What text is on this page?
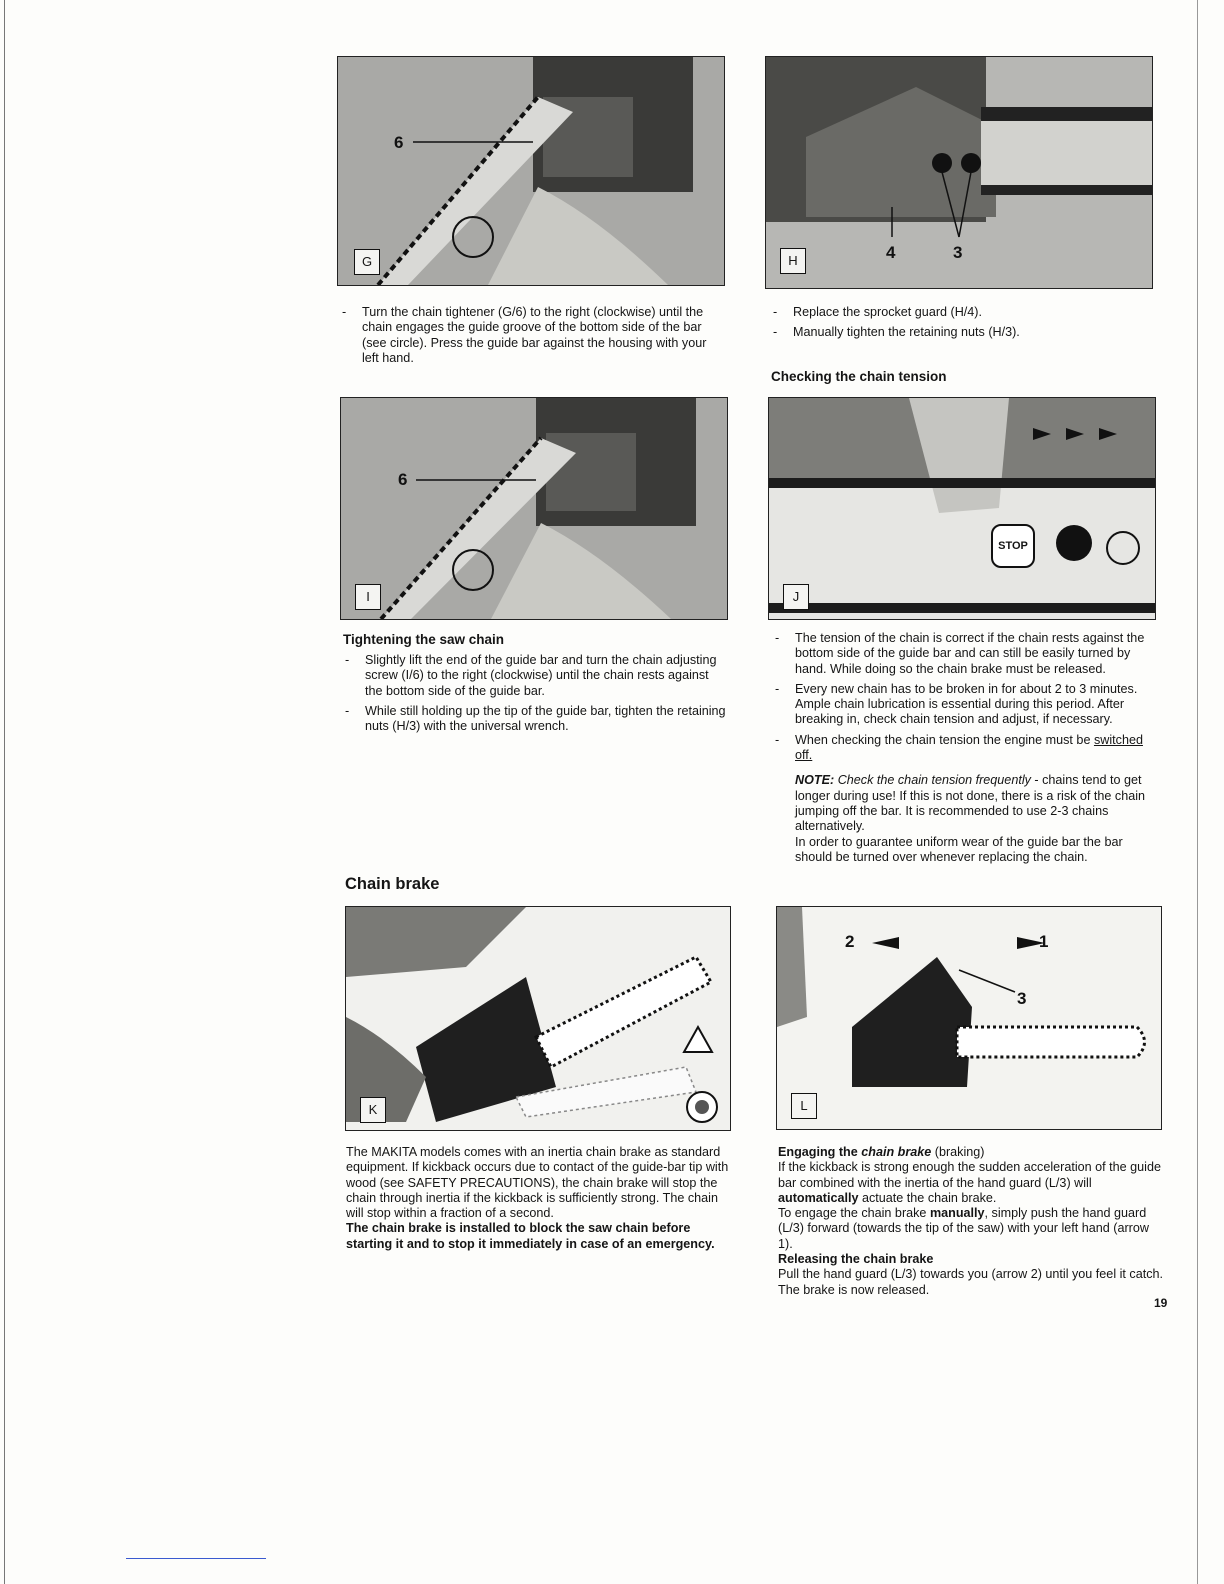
6
G	4	3
H
- Turn the chain tightener (G/6) to the right (clockwise) until the chain engages the guide groove of the bottom side of the bar (see circle). Press the guide bar against the housing with your left hand.
- Replace the sprocket guard (H/4).
- Manually tighten the retaining nuts (H/3).
Checking the chain tension
6
I
STOP
J
Tightening the saw chain
- Slightly lift the end of the guide bar and turn the chain adjusting screw (I/6) to the right (clockwise) until the chain rests against the bottom side of the guide bar.
- While still holding up the tip of the guide bar, tighten the retaining nuts (H/3) with the universal wrench.
- The tension of the chain is correct if the chain rests against the bottom side of the guide bar and can still be easily turned by hand. While doing so the chain brake must be released.
- Every new chain has to be broken in for about 2 to 3 minutes. Ample chain lubrication is essential during this period. After breaking in, check chain tension and adjust, if necessary.
- When checking the chain tension the engine must be switched off.

NOTE: Check the chain tension frequently - chains tend to get longer during use! If this is not done, there is a risk of the chain jumping off the bar. It is recommended to use 2-3 chains alternatively.

In order to guarantee uniform wear of the guide bar the bar should be turned over whenever replacing the chain.

Chain brake
K
2	1
3
L

The MAKITA models comes with an inertia chain brake as standard equipment. If kickback occurs due to contact of the guide-bar tip with wood (see SAFETY PRECAUTIONS), the chain brake will stop the chain through inertia if the kickback is sufficiently strong. The chain will stop within a fraction of a second.

The chain brake is installed to block the saw chain before starting it and to stop it immediately in case of an emergency.

Engaging the chain brake (braking)

If the kickback is strong enough the sudden acceleration of the guide bar combined with the inertia of the hand guard (L/3) will automatically actuate the chain brake.

To engage the chain brake manually, simply push the hand guard (L/3) forward (towards the tip of the saw) with your left hand (arrow 1).

Releasing the chain brake

Pull the hand guard (L/3) towards you (arrow 2) until you feel it catch. The brake is now released.

19
